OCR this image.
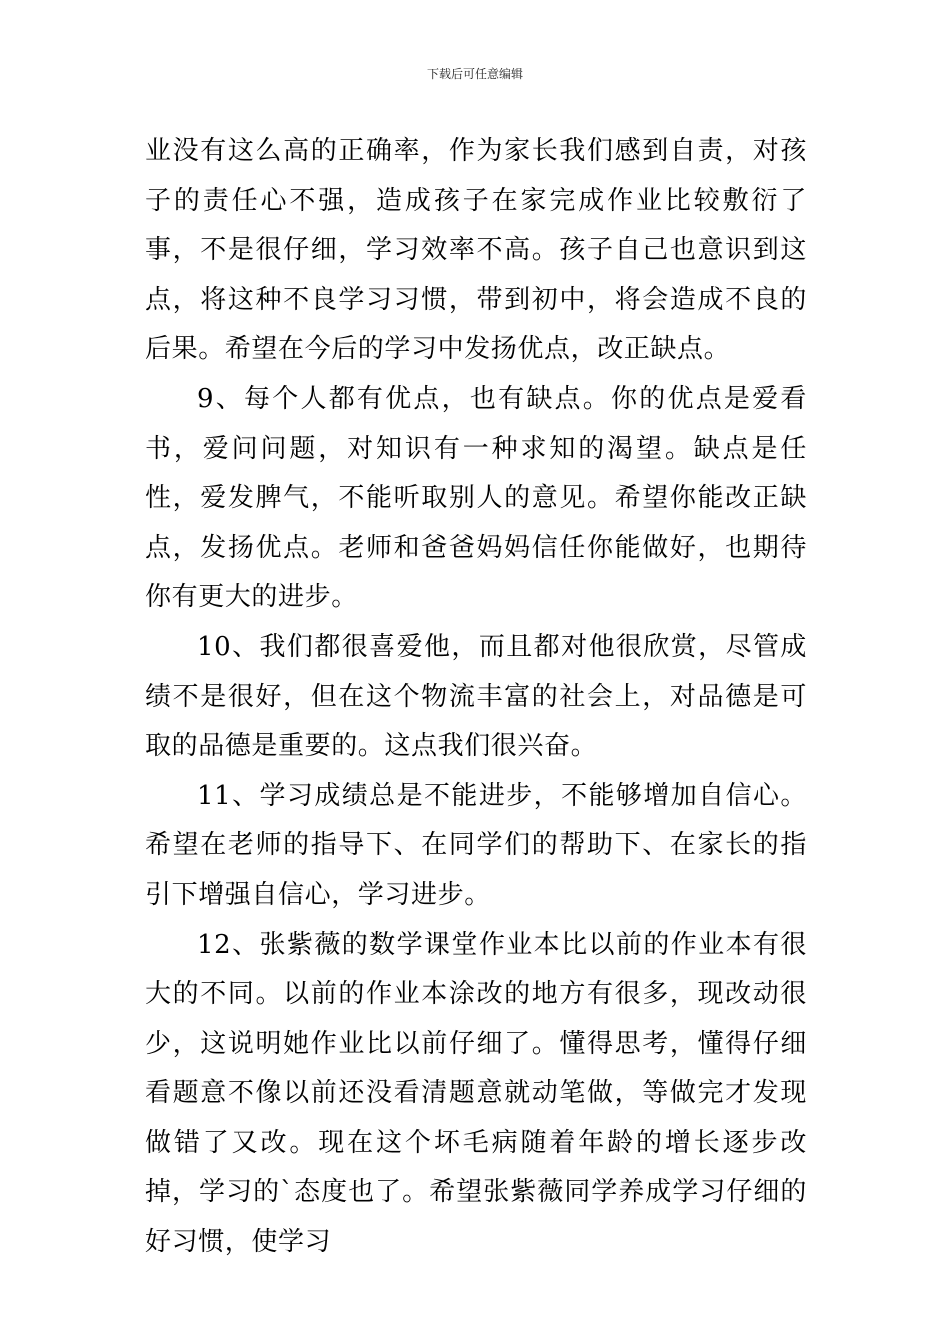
下载后可任意编辑

业没有这么高的正确率，作为家长我们感到自责，对孩子的责任心不强，造成孩子在家完成作业比较敷衍了事，不是很仔细，学习效率不高。孩子自己也意识到这点，将这种不良学习习惯，带到初中，将会造成不良的后果。希望在今后的学习中发扬优点，改正缺点。

9、每个人都有优点，也有缺点。你的优点是爱看书，爱问问题，对知识有一种求知的渴望。缺点是任性，爱发脾气，不能听取别人的意见。希望你能改正缺点，发扬优点。老师和爸爸妈妈信任你能做好，也期待你有更大的进步。

10、我们都很喜爱他，而且都对他很欣赏，尽管成绩不是很好，但在这个物流丰富的社会上，对品德是可取的品德是重要的。这点我们很兴奋。

11、学习成绩总是不能进步，不能够增加自信心。希望在老师的指导下、在同学们的帮助下、在家长的指引下增强自信心，学习进步。

12、张紫薇的数学课堂作业本比以前的作业本有很大的不同。以前的作业本涂改的地方有很多，现改动很少，这说明她作业比以前仔细了。懂得思考，懂得仔细看题意不像以前还没看清题意就动笔做，等做完才发现做错了又改。现在这个坏毛病随着年龄的增长逐步改掉，学习的`态度也了。希望张紫薇同学养成学习仔细的好习惯，使学习
